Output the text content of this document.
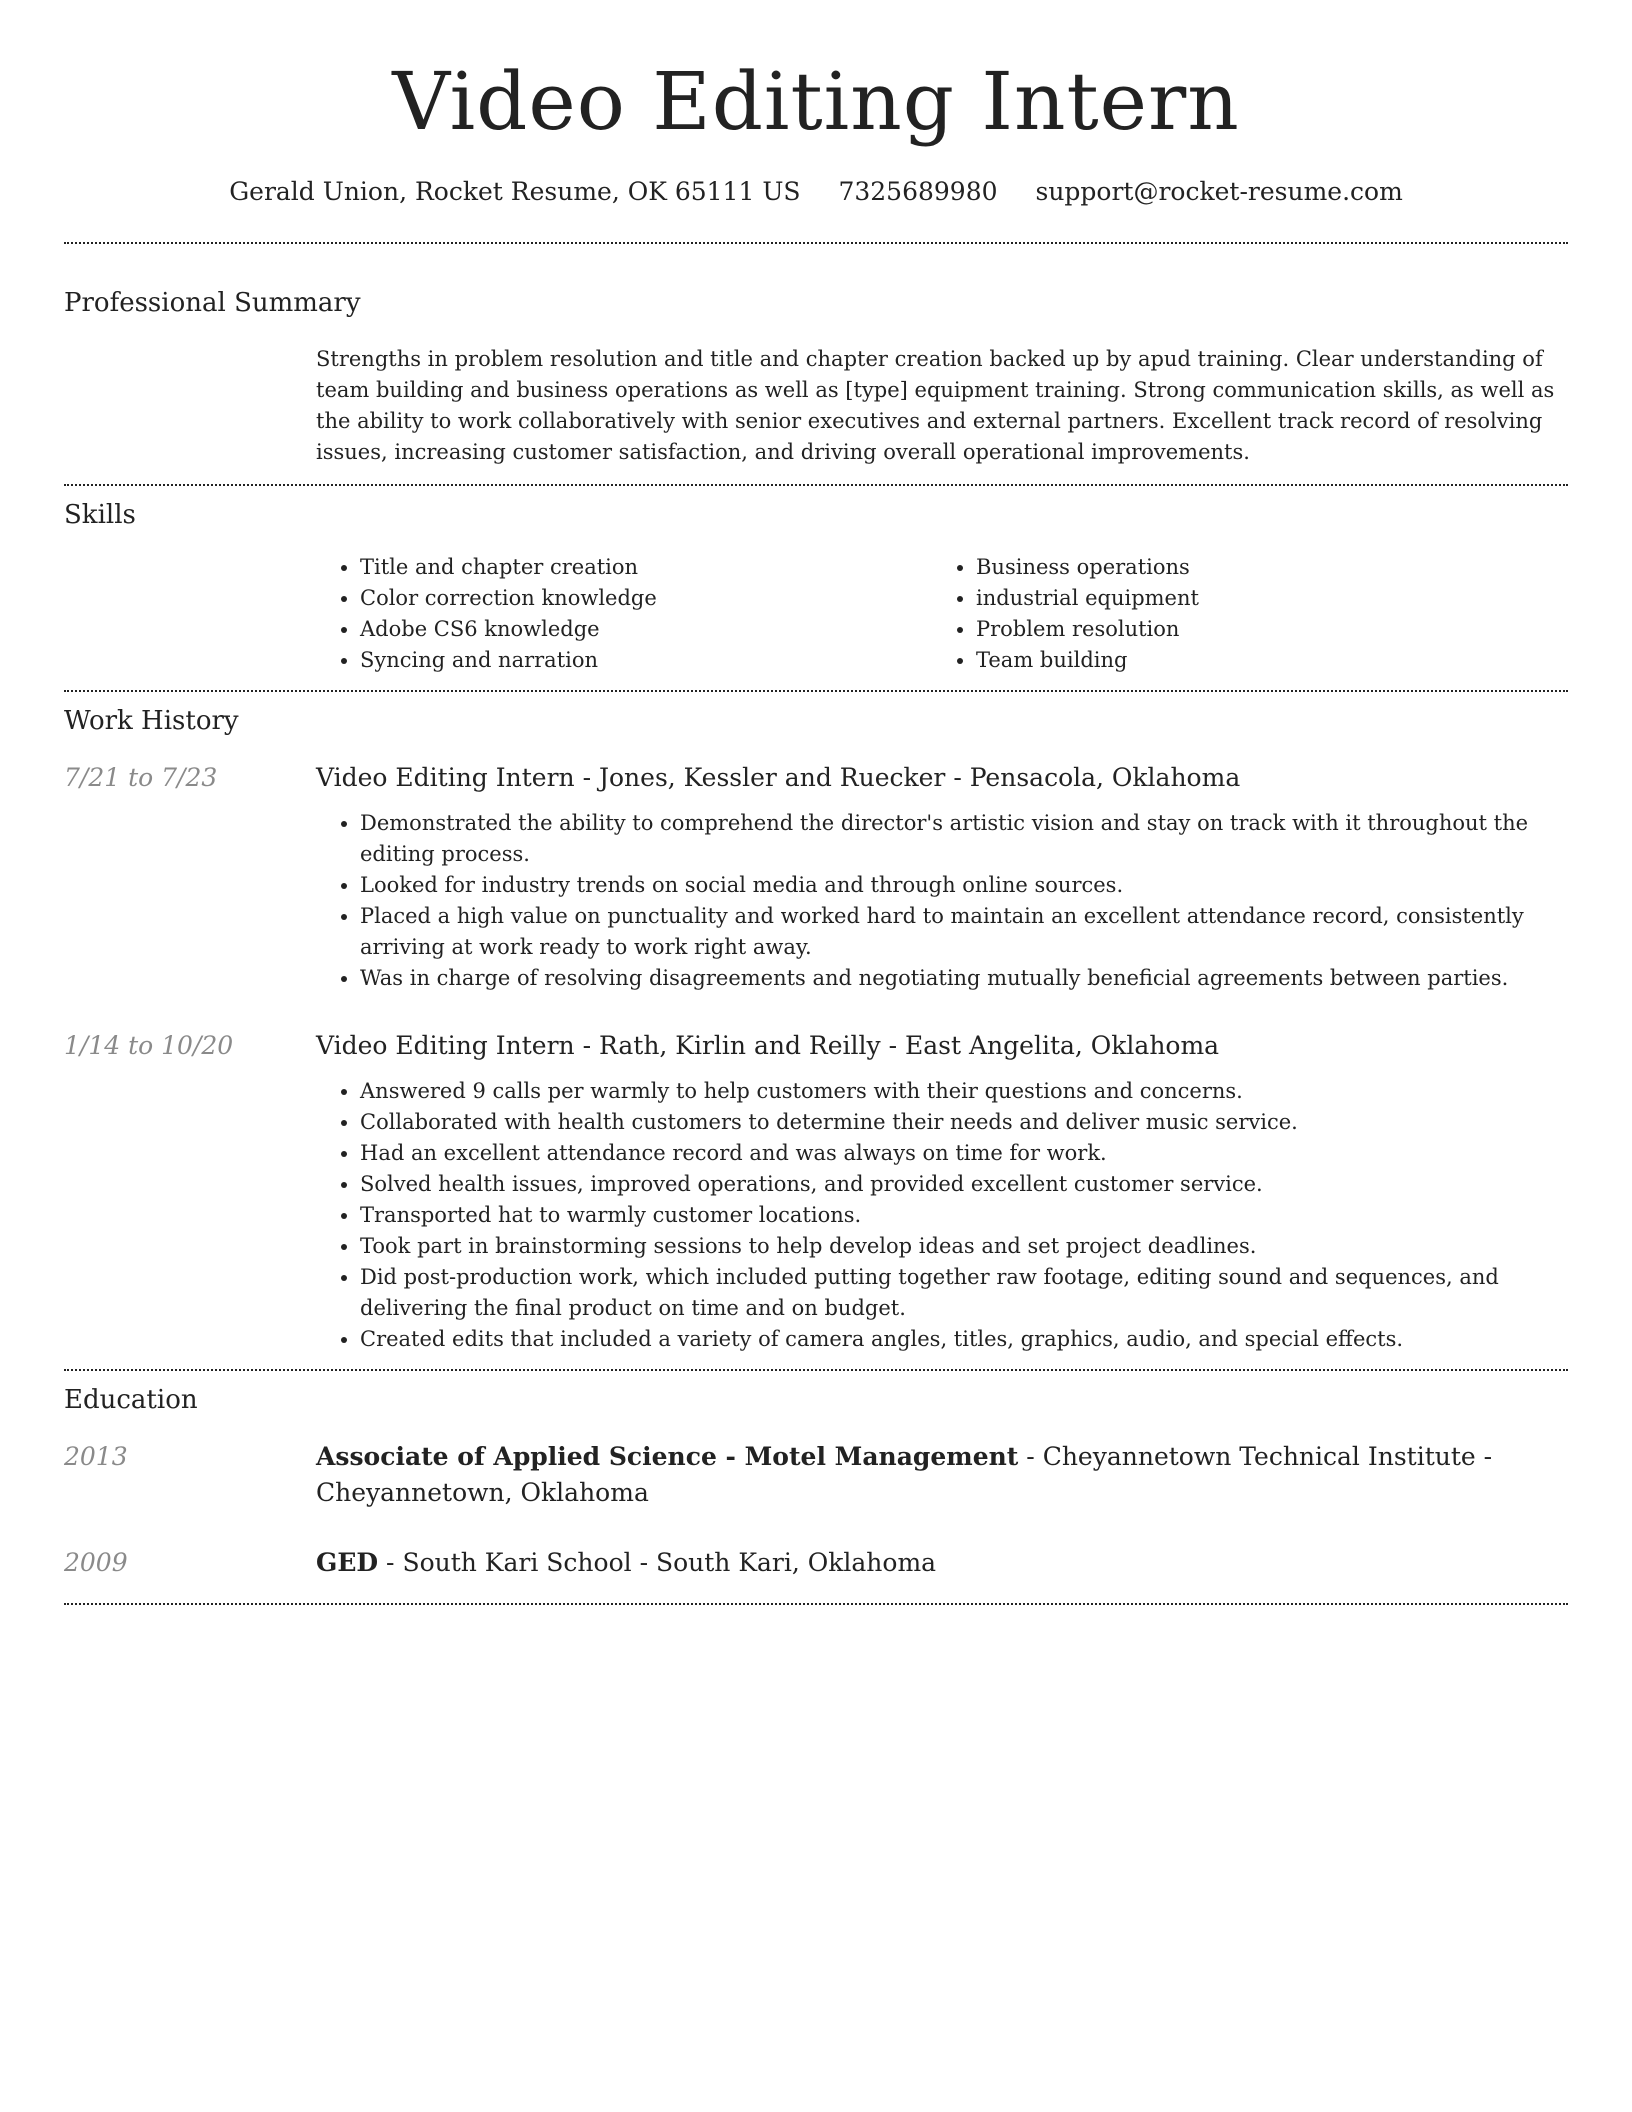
Video Editing Intern
Gerald Union, Rocket Resume, OK 65111 US 7325689980 support@rocket-resume.com
Professional Summary

Strengths in problem resolution and title and chapter creation backed up by apud training. Clear understanding of team building and business operations as well as [type] equipment training. Strong communication skills, as well as the ability to work collaboratively with senior executives and external partners. Excellent track record of resolving issues, increasing customer satisfaction, and driving overall operational improvements.

Skills
• Title and chapter creation
• Color correction knowledge
• Adobe CS6 knowledge
• Syncing and narration
• Business operations
• industrial equipment
• Problem resolution
• Team building
Work History
7/21 to 7/23	Video Editing Intern - Jones, Kessler and Ruecker - Pensacola, Oklahoma
• Demonstrated the ability to comprehend the director's artistic vision and stay on track with it throughout the editing process.
• Looked for industry trends on social media and through online sources.
• Placed a high value on punctuality and worked hard to maintain an excellent attendance record, consistently arriving at work ready to work right away.
• Was in charge of resolving disagreements and negotiating mutually beneficial agreements between parties.
1/14 to 10/20	Video Editing Intern - Rath, Kirlin and Reilly - East Angelita, Oklahoma
• Answered 9 calls per warmly to help customers with their questions and concerns.
• Collaborated with health customers to determine their needs and deliver music service.
• Had an excellent attendance record and was always on time for work.
• Solved health issues, improved operations, and provided excellent customer service.
• Transported hat to warmly customer locations.
• Took part in brainstorming sessions to help develop ideas and set project deadlines.
• Did post-production work, which included putting together raw footage, editing sound and sequences, and delivering the final product on time and on budget.
• Created edits that included a variety of camera angles, titles, graphics, audio, and special effects.
Education
2013	Associate of Applied Science - Motel Management - Cheyannetown Technical Institute - Cheyannetown, Oklahoma
2009	GED - South Kari School - South Kari, Oklahoma
